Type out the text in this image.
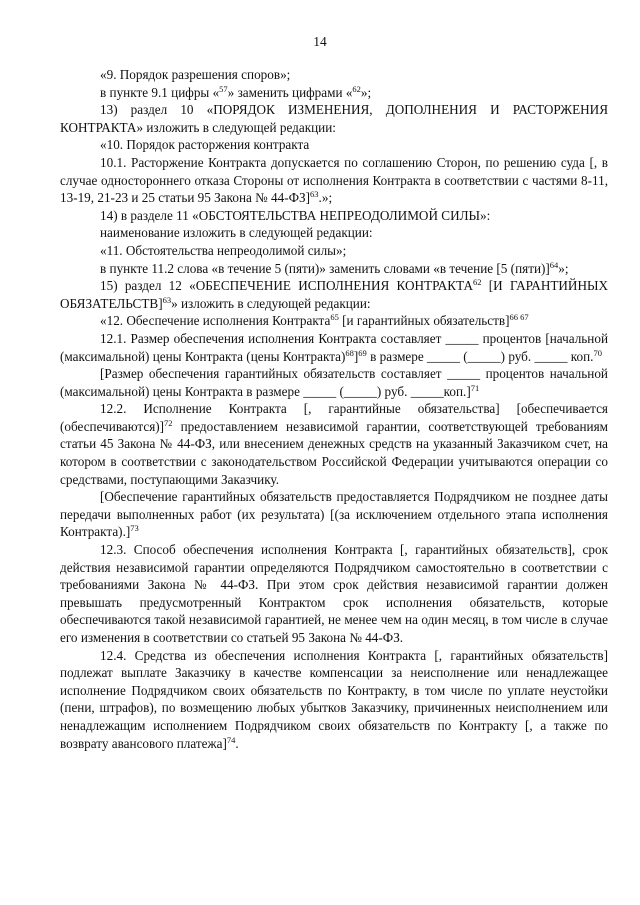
14

«9. Порядок разрешения споров»;

в пункте 9.1 цифры «$^{57}$» заменить цифрами «$^{62}$»;

13) раздел 10 «ПОРЯДОК ИЗМЕНЕНИЯ, ДОПОЛНЕНИЯ И РАСТОРЖЕНИЯ КОНТРАКТА» изложить в следующей редакции:

«10. Порядок расторжения контракта

10.1. Расторжение Контракта допускается по соглашению Сторон, по решению суда [, в случае одностороннего отказа Стороны от исполнения Контракта в соответствии с частями 8-11, 13-19, 21-23 и 25 статьи 95 Закона № 44-ФЗ]$^{63}$.»;

14) в разделе 11 «ОБСТОЯТЕЛЬСТВА НЕПРЕОДОЛИМОЙ СИЛЫ»:

наименование изложить в следующей редакции:

«11. Обстоятельства непреодолимой силы»;

в пункте 11.2 слова «в течение 5 (пяти)» заменить словами «в течение [5 (пяти)]$^{64}$»;

15) раздел 12 «ОБЕСПЕЧЕНИЕ ИСПОЛНЕНИЯ КОНТРАКТА$^{62}$ [И ГАРАНТИЙНЫХ ОБЯЗАТЕЛЬСТВ]$^{63}$» изложить в следующей редакции:

«12. Обеспечение исполнения Контракта$^{65}$ [и гарантийных обязательств]$^{66 67}$

12.1. Размер обеспечения исполнения Контракта составляет _____ процентов [начальной (максимальной) цены Контракта (цены Контракта)$^{68}$]$^{69}$ в размере _____ (_____) руб. _____ коп.$^{70}$

[Размер обеспечения гарантийных обязательств составляет _____ процентов начальной (максимальной) цены Контракта в размере _____ (_____) руб. _____коп.]$^{71}$

12.2. Исполнение Контракта [, гарантийные обязательства] [обеспечивается (обеспечиваются)]$^{72}$ предоставлением независимой гарантии, соответствующей требованиям статьи 45 Закона № 44-ФЗ, или внесением денежных средств на указанный Заказчиком счет, на котором в соответствии с законодательством Российской Федерации учитываются операции со средствами, поступающими Заказчику.

[Обеспечение гарантийных обязательств предоставляется Подрядчиком не позднее даты передачи выполненных работ (их результата) [(за исключением отдельного этапа исполнения Контракта).]$^{73}$

12.3. Способ обеспечения исполнения Контракта [, гарантийных обязательств], срок действия независимой гарантии определяются Подрядчиком самостоятельно в соответствии с требованиями Закона № 44-ФЗ. При этом срок действия независимой гарантии должен превышать предусмотренный Контрактом срок исполнения обязательств, которые обеспечиваются такой независимой гарантией, не менее чем на один месяц, в том числе в случае его изменения в соответствии со статьей 95 Закона № 44-ФЗ.

12.4. Средства из обеспечения исполнения Контракта [, гарантийных обязательств] подлежат выплате Заказчику в качестве компенсации за неисполнение или ненадлежащее исполнение Подрядчиком своих обязательств по Контракту, в том числе по уплате неустойки (пени, штрафов), по возмещению любых убытков Заказчику, причиненных неисполнением или ненадлежащим исполнением Подрядчиком своих обязательств по Контракту [, а также по возврату авансового платежа]$^{74}$.
